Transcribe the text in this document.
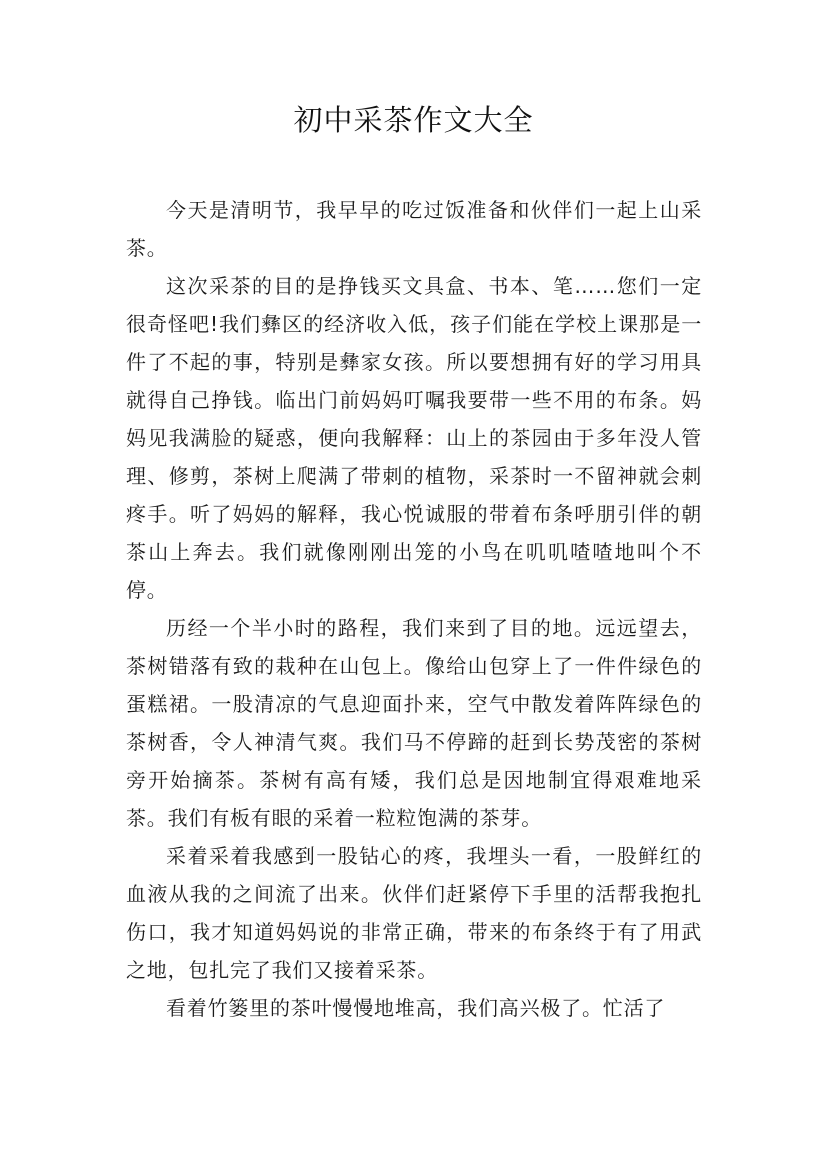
初中采茶作文大全

今天是清明节，我早早的吃过饭准备和伙伴们一起上山采茶。

这次采茶的目的是挣钱买文具盒、书本、笔……您们一定很奇怪吧!我们彝区的经济收入低，孩子们能在学校上课那是一件了不起的事，特别是彝家女孩。所以要想拥有好的学习用具就得自己挣钱。临出门前妈妈叮嘱我要带一些不用的布条。妈妈见我满脸的疑惑，便向我解释：山上的茶园由于多年没人管理、修剪，茶树上爬满了带刺的植物，采茶时一不留神就会刺疼手。听了妈妈的解释，我心悦诚服的带着布条呼朋引伴的朝茶山上奔去。我们就像刚刚出笼的小鸟在叽叽喳喳地叫个不停。

历经一个半小时的路程，我们来到了目的地。远远望去，茶树错落有致的栽种在山包上。像给山包穿上了一件件绿色的蛋糕裙。一股清凉的气息迎面扑来，空气中散发着阵阵绿色的茶树香，令人神清气爽。我们马不停蹄的赶到长势茂密的茶树旁开始摘茶。茶树有高有矮，我们总是因地制宜得艰难地采茶。我们有板有眼的采着一粒粒饱满的茶芽。

采着采着我感到一股钻心的疼，我埋头一看，一股鲜红的血液从我的之间流了出来。伙伴们赶紧停下手里的活帮我抱扎伤口，我才知道妈妈说的非常正确，带来的布条终于有了用武之地，包扎完了我们又接着采茶。

看着竹篓里的茶叶慢慢地堆高，我们高兴极了。忙活了
